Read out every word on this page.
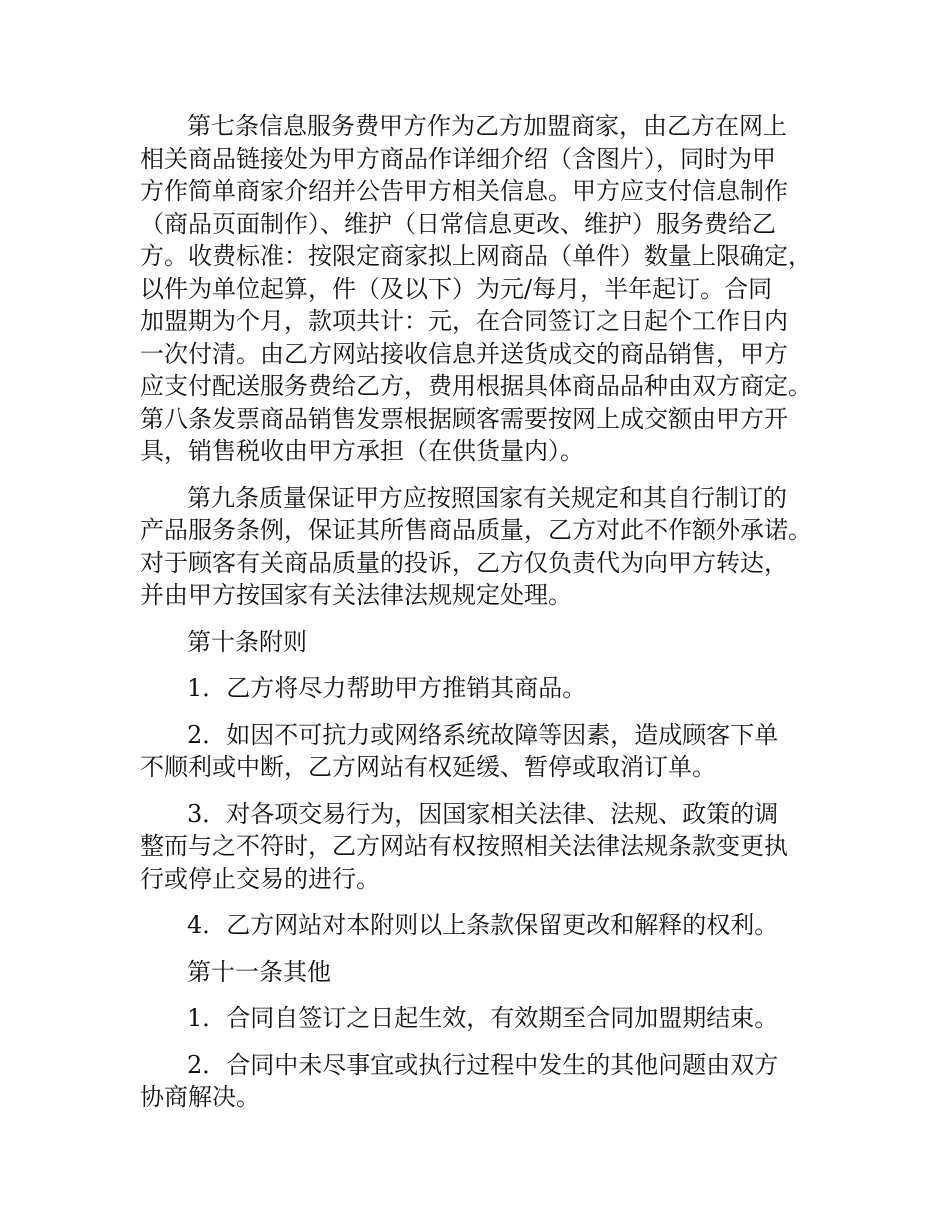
第七条信息服务费甲方作为乙方加盟商家，由乙方在网上
相关商品链接处为甲方商品作详细介绍（含图片），同时为甲
方作简单商家介绍并公告甲方相关信息。甲方应支付信息制作
（商品页面制作）、维护（日常信息更改、维护）服务费给乙
方。收费标准：按限定商家拟上网商品（单件）数量上限确定，
以件为单位起算，件（及以下）为元/每月，半年起订。合同
加盟期为个月，款项共计：元，在合同签订之日起个工作日内
一次付清。由乙方网站接收信息并送货成交的商品销售，甲方
应支付配送服务费给乙方，费用根据具体商品品种由双方商定。
第八条发票商品销售发票根据顾客需要按网上成交额由甲方开
具，销售税收由甲方承担（在供货量内）。

第九条质量保证甲方应按照国家有关规定和其自行制订的
产品服务条例，保证其所售商品质量，乙方对此不作额外承诺。
对于顾客有关商品质量的投诉，乙方仅负责代为向甲方转达，
并由甲方按国家有关法律法规规定处理。

第十条附则

1．乙方将尽力帮助甲方推销其商品。

2．如因不可抗力或网络系统故障等因素，造成顾客下单
不顺利或中断，乙方网站有权延缓、暂停或取消订单。

3．对各项交易行为，因国家相关法律、法规、政策的调
整而与之不符时，乙方网站有权按照相关法律法规条款变更执
行或停止交易的进行。

4．乙方网站对本附则以上条款保留更改和解释的权利。

第十一条其他

1．合同自签订之日起生效，有效期至合同加盟期结束。

2．合同中未尽事宜或执行过程中发生的其他问题由双方
协商解决。
